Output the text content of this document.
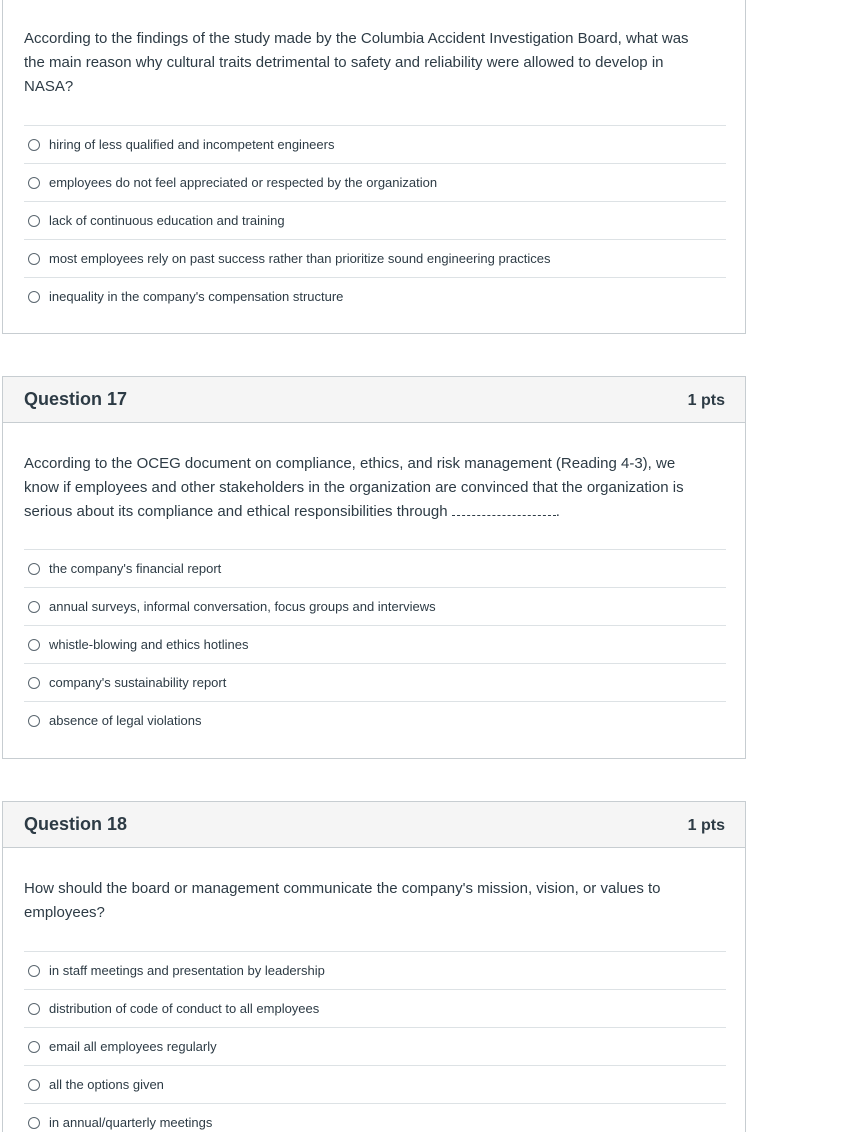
According to the findings of the study made by the Columbia Accident Investigation Board, what was
the main reason why cultural traits detrimental to safety and reliability were allowed to develop in
NASA?
hiring of less qualified and incompetent engineers
employees do not feel appreciated or respected by the organization
lack of continuous education and training
most employees rely on past success rather than prioritize sound engineering practices
inequality in the company's compensation structure
Question 17	1 pts
According to the OCEG document on compliance, ethics, and risk management (Reading 4-3), we
know if employees and other stakeholders in the organization are convinced that the organization is
serious about its compliance and ethical responsibilities through	.
the company's financial report
annual surveys, informal conversation, focus groups and interviews
whistle-blowing and ethics hotlines
company's sustainability report
absence of legal violations
Question 18	1 pts
How should the board or management communicate the company's mission, vision, or values to
employees?
in staff meetings and presentation by leadership
distribution of code of conduct to all employees
email all employees regularly
all the options given
in annual/quarterly meetings
